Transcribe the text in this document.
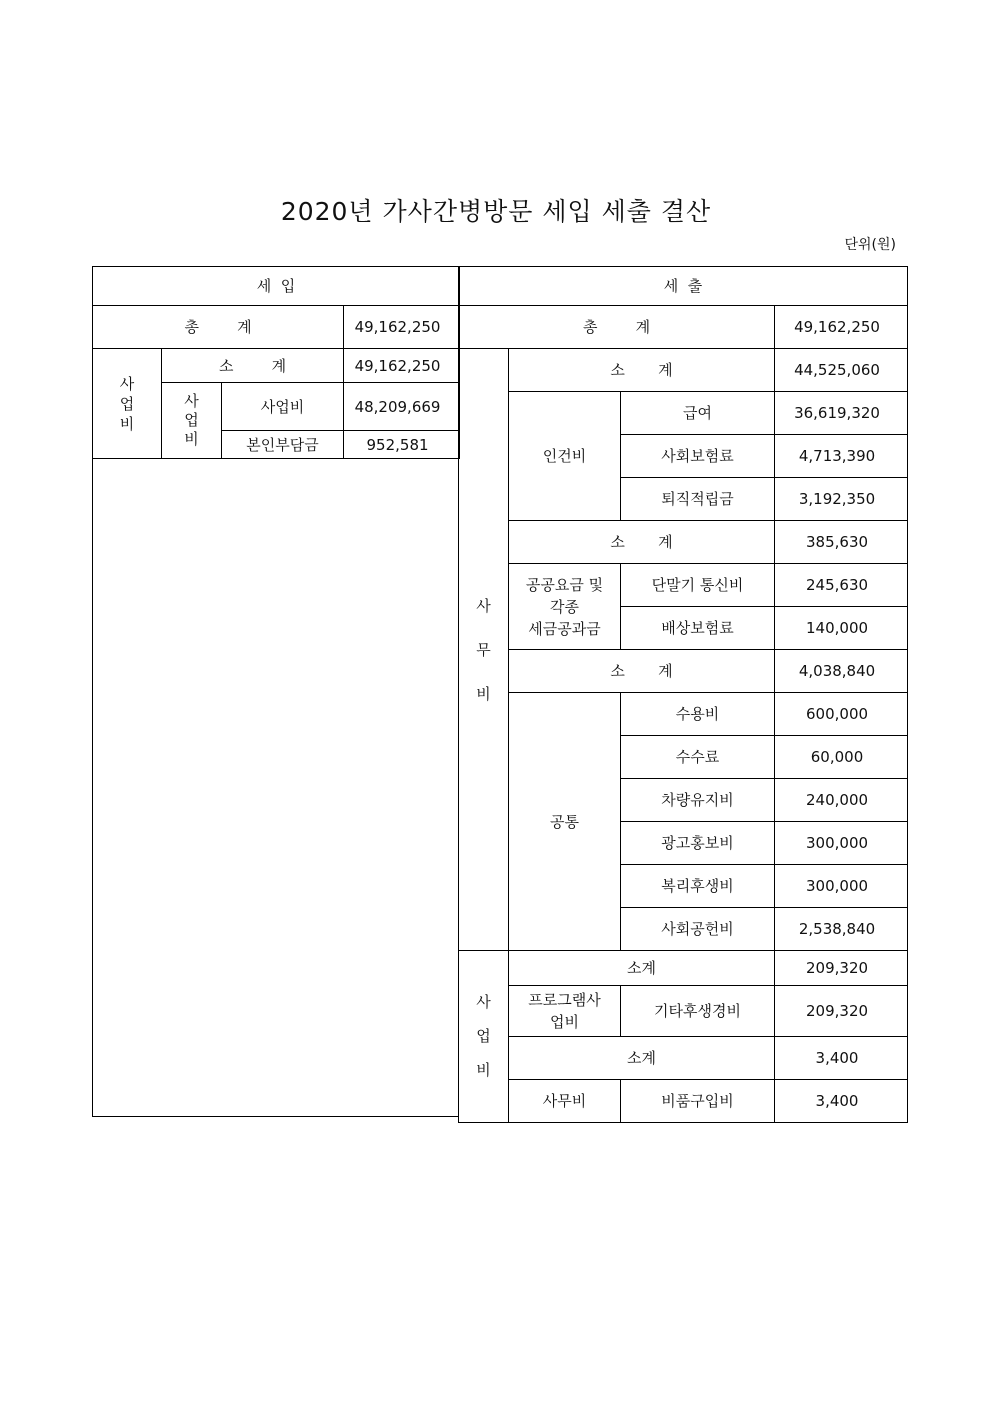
2020년 가사간병방문 세입 세출 결산
단위(원)
세  입			
총        계			49,162,250
사
업
비	소        계		49,162,250
	사
업
비	사업비	48,209,669
		본인부담금	952,581
세  출			
총        계			49,162,250
사

무

비	소       계		44,525,060
	인건비	급여	36,619,320
		사회보험료	4,713,390
		퇴직적립금	3,192,350
	소       계		385,630
	공공요금 및
각종
세금공과금	단말기 통신비	245,630
		배상보험료	140,000
	소       계		4,038,840
	공통	수용비	600,000
		수수료	60,000
		차량유지비	240,000
		광고홍보비	300,000
		복리후생비	300,000
		사회공헌비	2,538,840
사

업

비	소계		209,320
	프로그램사
업비	기타후생경비	209,320
	소계		3,400
	사무비	비품구입비	3,400
